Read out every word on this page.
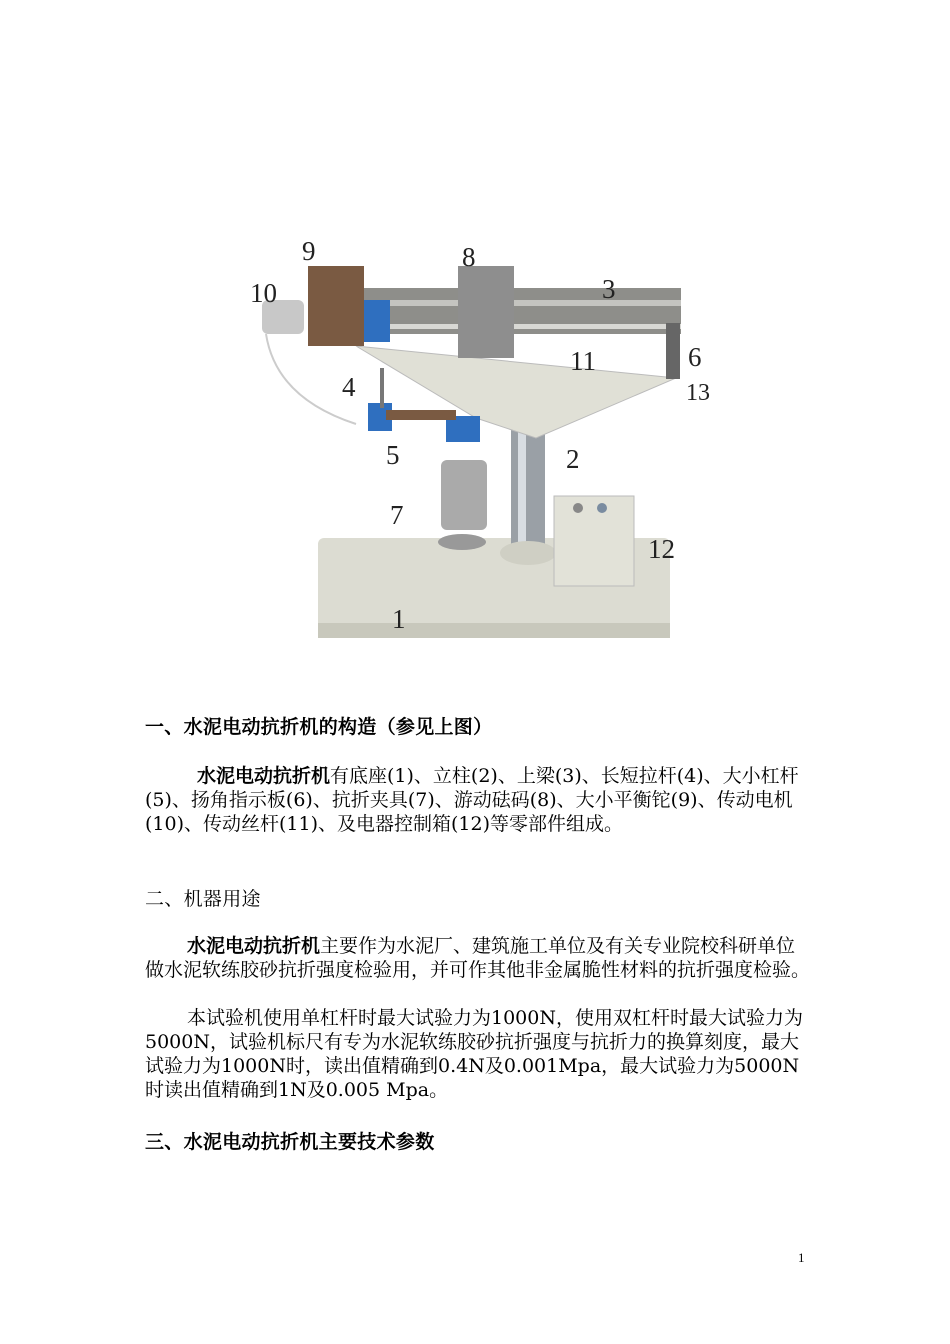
9	8
3
10
6
11
13
4
5	2
7
12
1
一、水泥电动抗折机的构造（参见上图）

水泥电动抗折机有底座(1)、立柱(2)、上梁(3)、长短拉杆(4)、大小杠杆(5)、扬角指示板(6)、抗折夹具(7)、游动砝码(8)、大小平衡铊(9)、传动电机(10)、传动丝杆(11)、及电器控制箱(12)等零部件组成。

二、机器用途

水泥电动抗折机主要作为水泥厂、建筑施工单位及有关专业院校科研单位做水泥软练胶砂抗折强度检验用，并可作其他非金属脆性材料的抗折强度检验。

本试验机使用单杠杆时最大试验力为1000N，使用双杠杆时最大试验力为5000N，试验机标尺有专为水泥软练胶砂抗折强度与抗折力的换算刻度，最大试验力为1000N时，读出值精确到0.4N及0.001Mpa，最大试验力为5000N时读出值精确到1N及0.005 Mpa。

三、水泥电动抗折机主要技术参数
1
